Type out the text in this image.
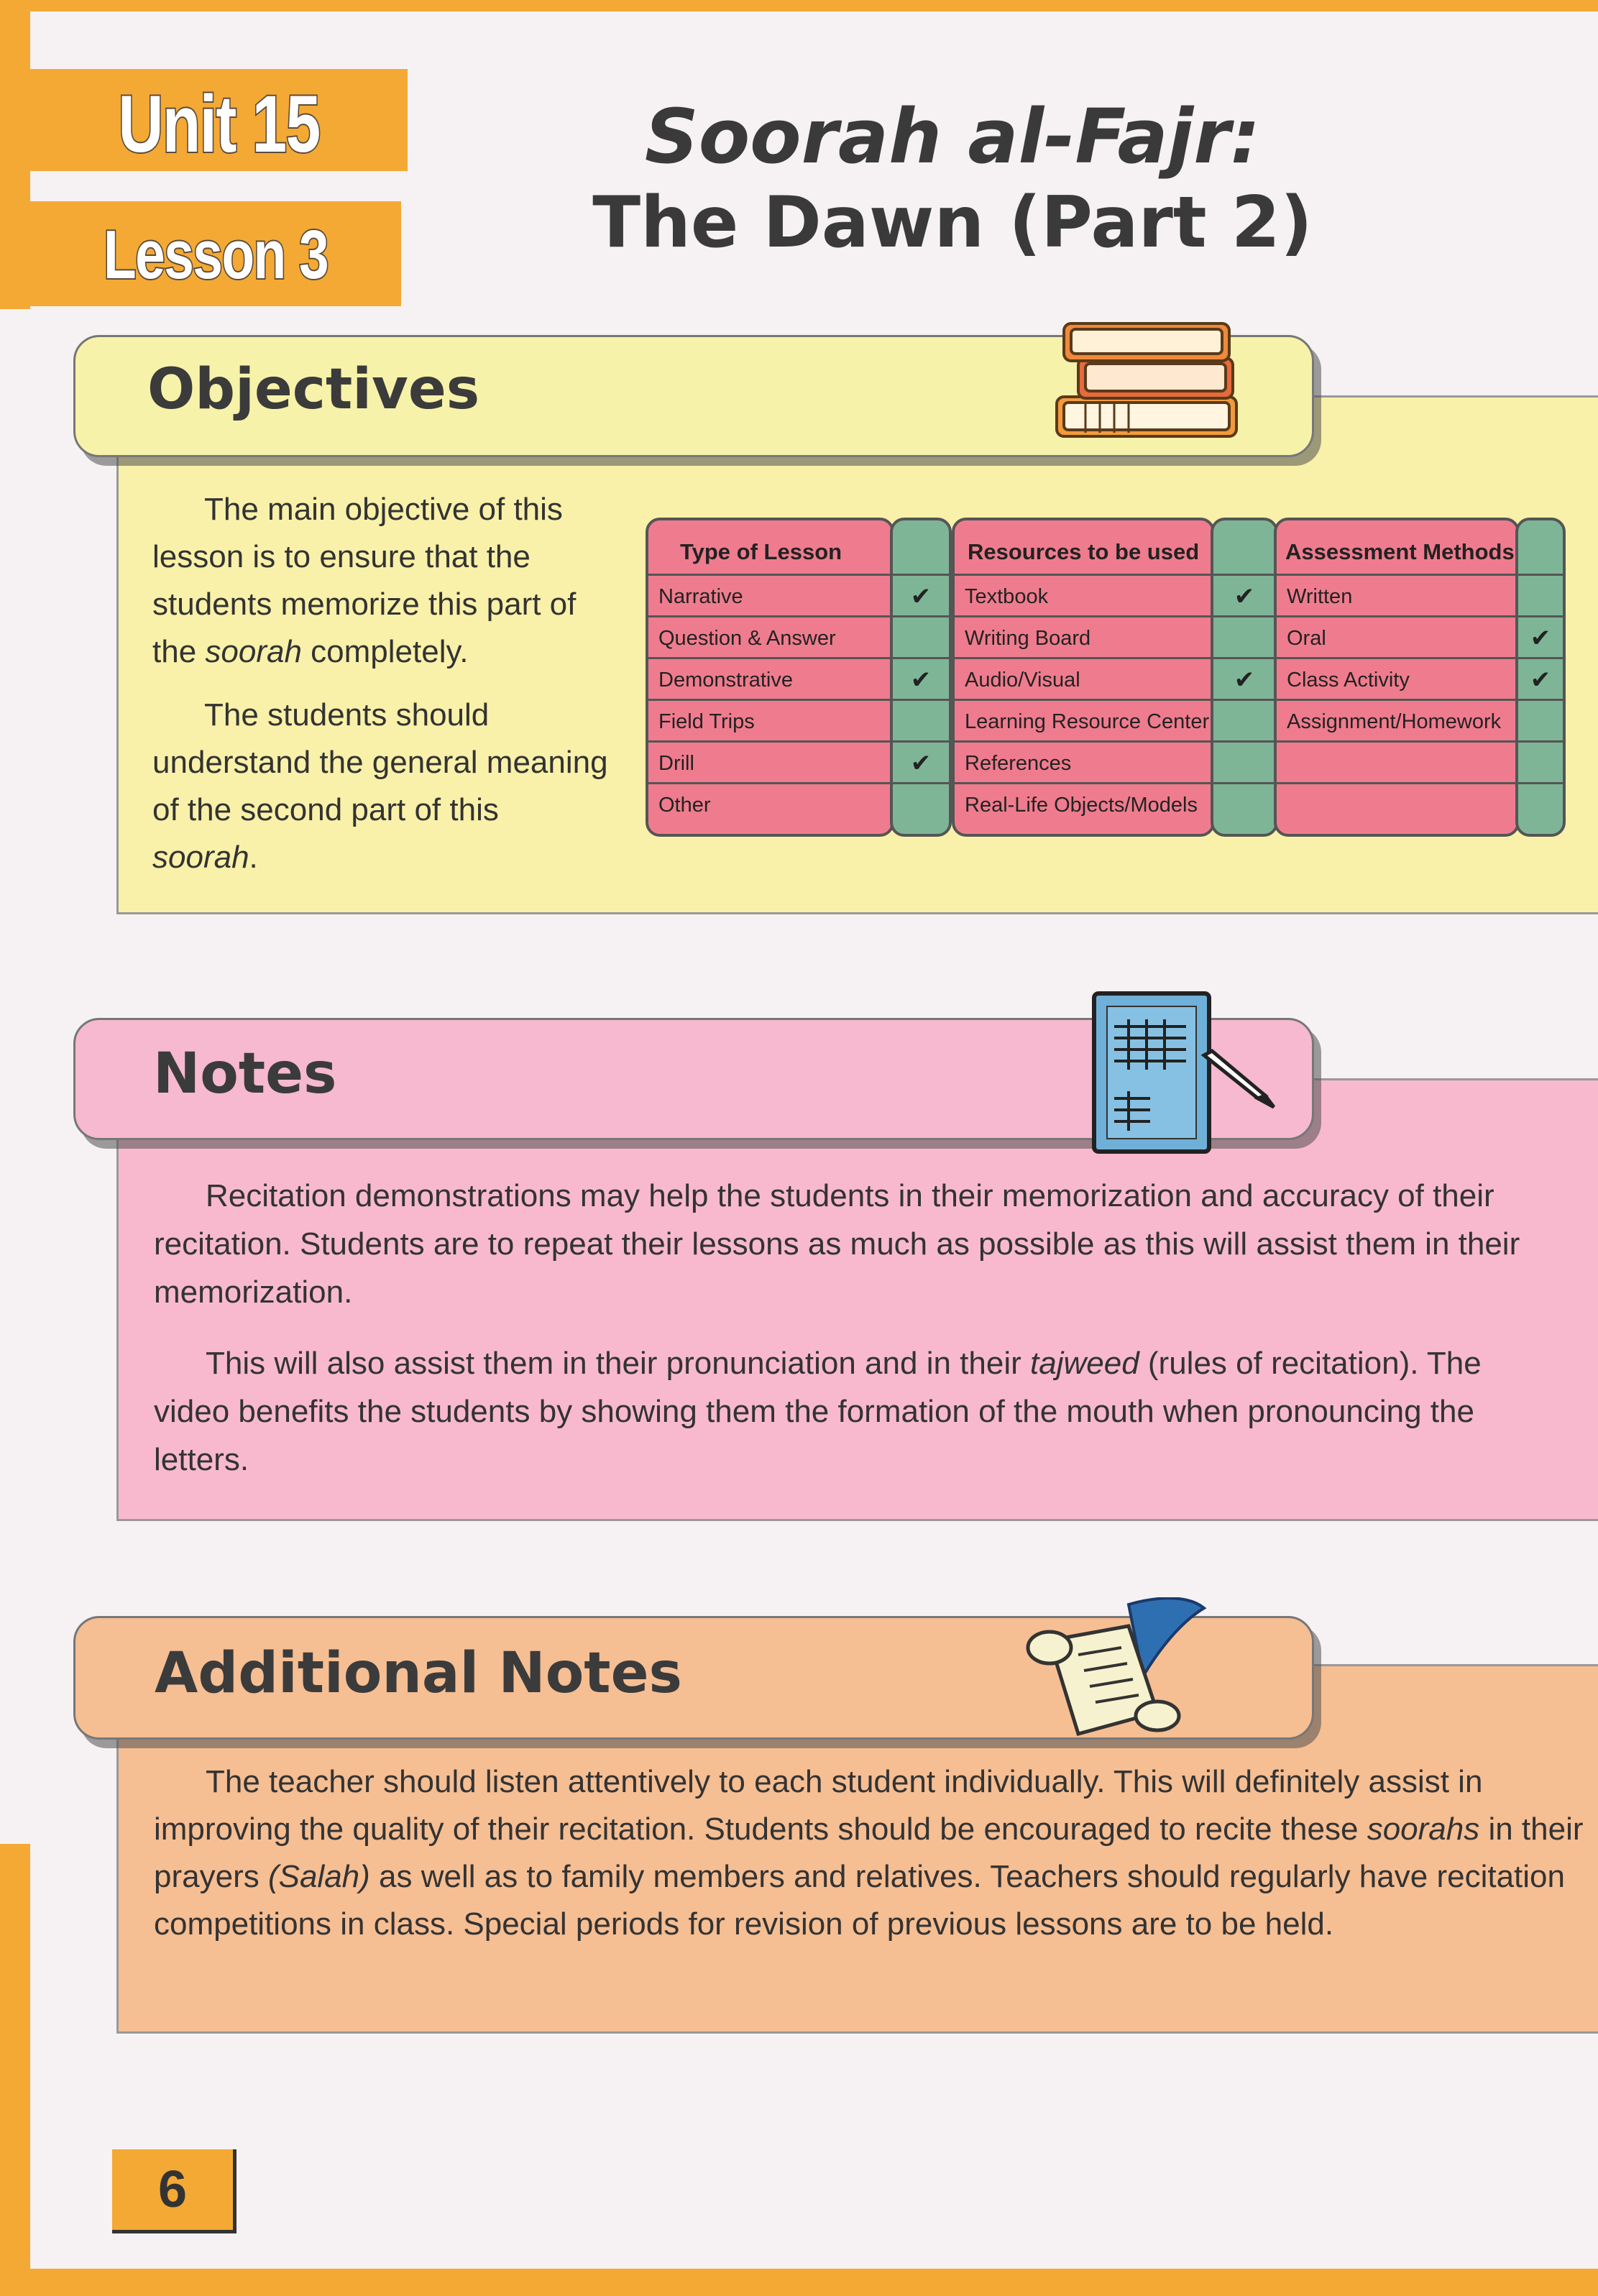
Unit 15
Lesson 3
Soorah al-Fajr:
The Dawn (Part 2)
Objectives

The main objective of this lesson is to ensure that the students memorize this part of the soorah completely.

The students should understand the general meaning of the second part of this soorah.

Type of Lesson
Narrative
Question & Answer
Demonstrative
Field Trips
Drill
Other
✔
✔
✔
Resources to be used
Textbook
Writing Board
Audio/Visual
Learning Resource Center
References
Real-Life Objects/Models
✔
✔
Assessment Methods
Written
Oral
Class Activity
Assignment/Homework
✔
✔
Notes

Recitation demonstrations may help the students in their memorization and accuracy of their recitation. Students are to repeat their lessons as much as possible as this will assist them in their memorization.

This will also assist them in their pronunciation and in their tajweed (rules of recitation). The video benefits the students by showing them the formation of the mouth when pronouncing the letters.

Additional Notes

The teacher should listen attentively to each student individually. This will definitely assist in improving the quality of their recitation. Students should be encouraged to recite these soorahs in their prayers (Salah) as well as to family members and relatives. Teachers should regularly have recitation competitions in class. Special periods for revision of previous lessons are to be held.

6
